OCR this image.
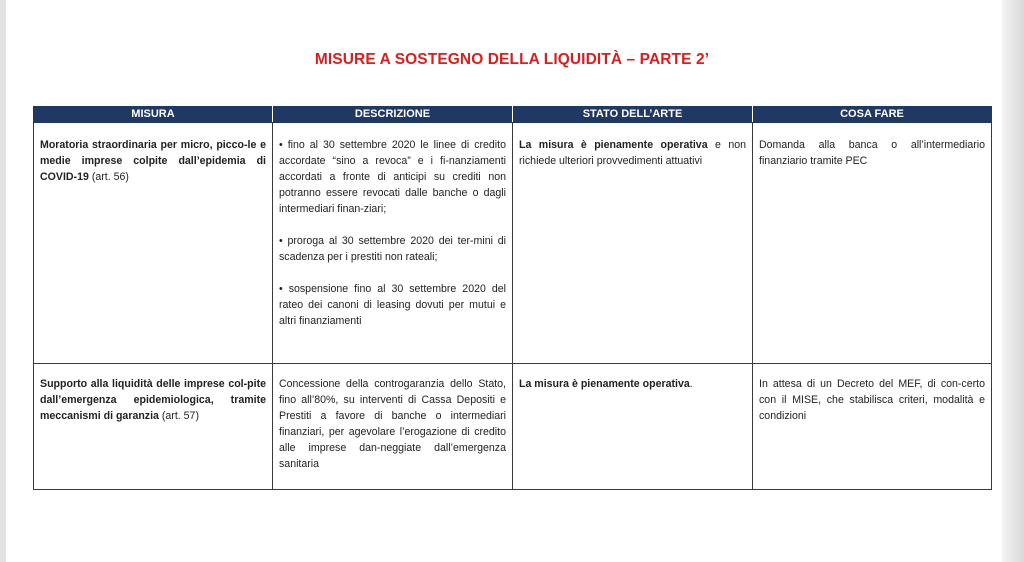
MISURE A SOSTEGNO DELLA LIQUIDITÀ – PARTE 2’
MISURA	DESCRIZIONE	STATO DELL’ARTE	COSA FARE
Moratoria straordinaria per micro, picco-le e medie imprese colpite dall’epidemia di COVID-19 (art. 56)	• fino al 30 settembre 2020 le linee di credito accordate “sino a revoca” e i fi-nanziamenti accordati a fronte di anticipi su crediti non potranno essere revocati dalle banche o dagli intermediari finan-ziari;

• proroga al 30 settembre 2020 dei ter-mini di scadenza per i prestiti non rateali;

• sospensione fino al 30 settembre 2020 del rateo dei canoni di leasing dovuti per mutui e altri finanziamenti	La misura è pienamente operativa e non richiede ulteriori provvedimenti attuativi	Domanda alla banca o all’intermediario finanziario tramite PEC
Supporto alla liquidità delle imprese col-pite dall’emergenza epidemiologica, tramite meccanismi di garanzia (art. 57)	Concessione della controgaranzia dello Stato, fino all’80%, su interventi di Cassa Depositi e Prestiti a favore di banche o intermediari finanziari, per agevolare l’erogazione di credito alle imprese dan-neggiate dall’emergenza sanitaria	La misura è pienamente operativa.	In attesa di un Decreto del MEF, di con-certo con il MISE, che stabilisca criteri, modalità e condizioni
